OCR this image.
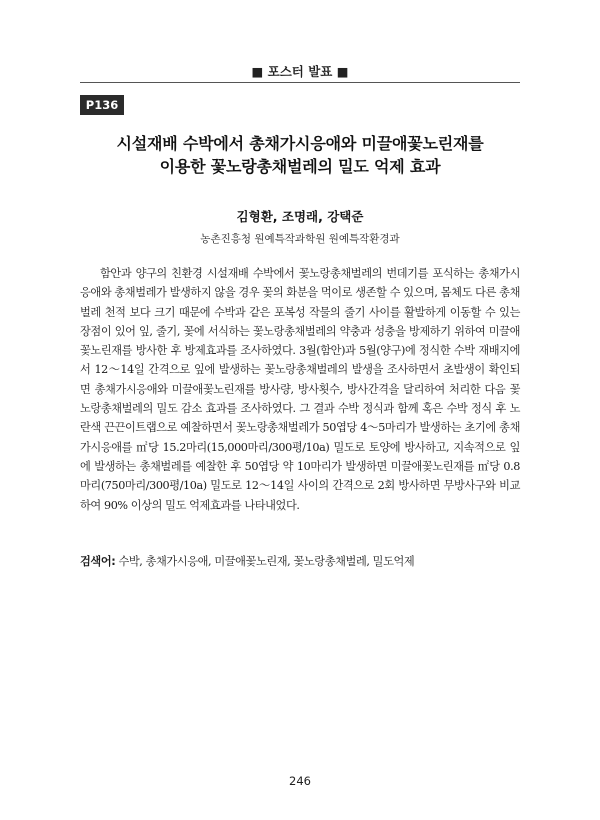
■ 포스터 발표 ■
P136
시설재배 수박에서 총채가시응애와 미끌애꽃노린재를
이용한 꽃노랑총채벌레의 밀도 억제 효과
김형환, 조명래, 강택준
농촌진흥청 원예특작과학원 원예특작환경과

함안과 양구의 친환경 시설재배 수박에서 꽃노랑총채벌레의 번데기를 포식하는 총채가시응애와 총채벌레가 발생하지 않을 경우 꽃의 화분을 먹이로 생존할 수 있으며, 몸체도 다른 총채벌레 천적 보다 크기 때문에 수박과 같은 포복성 작물의 줄기 사이를 활발하게 이동할 수 있는 장점이 있어 잎, 줄기, 꽃에 서식하는 꽃노랑총채벌레의 약충과 성충을 방제하기 위하여 미끌애꽃노린재를 방사한 후 방제효과를 조사하였다. 3월(함안)과 5월(양구)에 정식한 수박 재배지에서 12～14일 간격으로 잎에 발생하는 꽃노랑총채벌레의 발생을 조사하면서 초발생이 확인되면 총채가시응애와 미끌애꽃노린재를 방사량, 방사횟수, 방사간격을 달리하여 처리한 다음 꽃노랑총채벌레의 밀도 감소 효과를 조사하였다. 그 결과 수박 정식과 함께 혹은 수박 정식 후 노란색 끈끈이트랩으로 예찰하면서 꽃노랑총채벌레가 50엽당 4～5마리가 발생하는 초기에 총채가시응애를 ㎡당 15.2마리(15,000마리/300평/10a) 밀도로 토양에 방사하고, 지속적으로 잎에 발생하는 총채벌레를 예찰한 후 50엽당 약 10마리가 발생하면 미끌애꽃노린재를 ㎡당 0.8마리(750마리/300평/10a) 밀도로 12～14일 사이의 간격으로 2회 방사하면 무방사구와 비교하여 90% 이상의 밀도 억제효과를 나타내었다.

검색어: 수박, 총채가시응애, 미끌애꽃노린재, 꽃노랑총채벌레, 밀도억제
246
